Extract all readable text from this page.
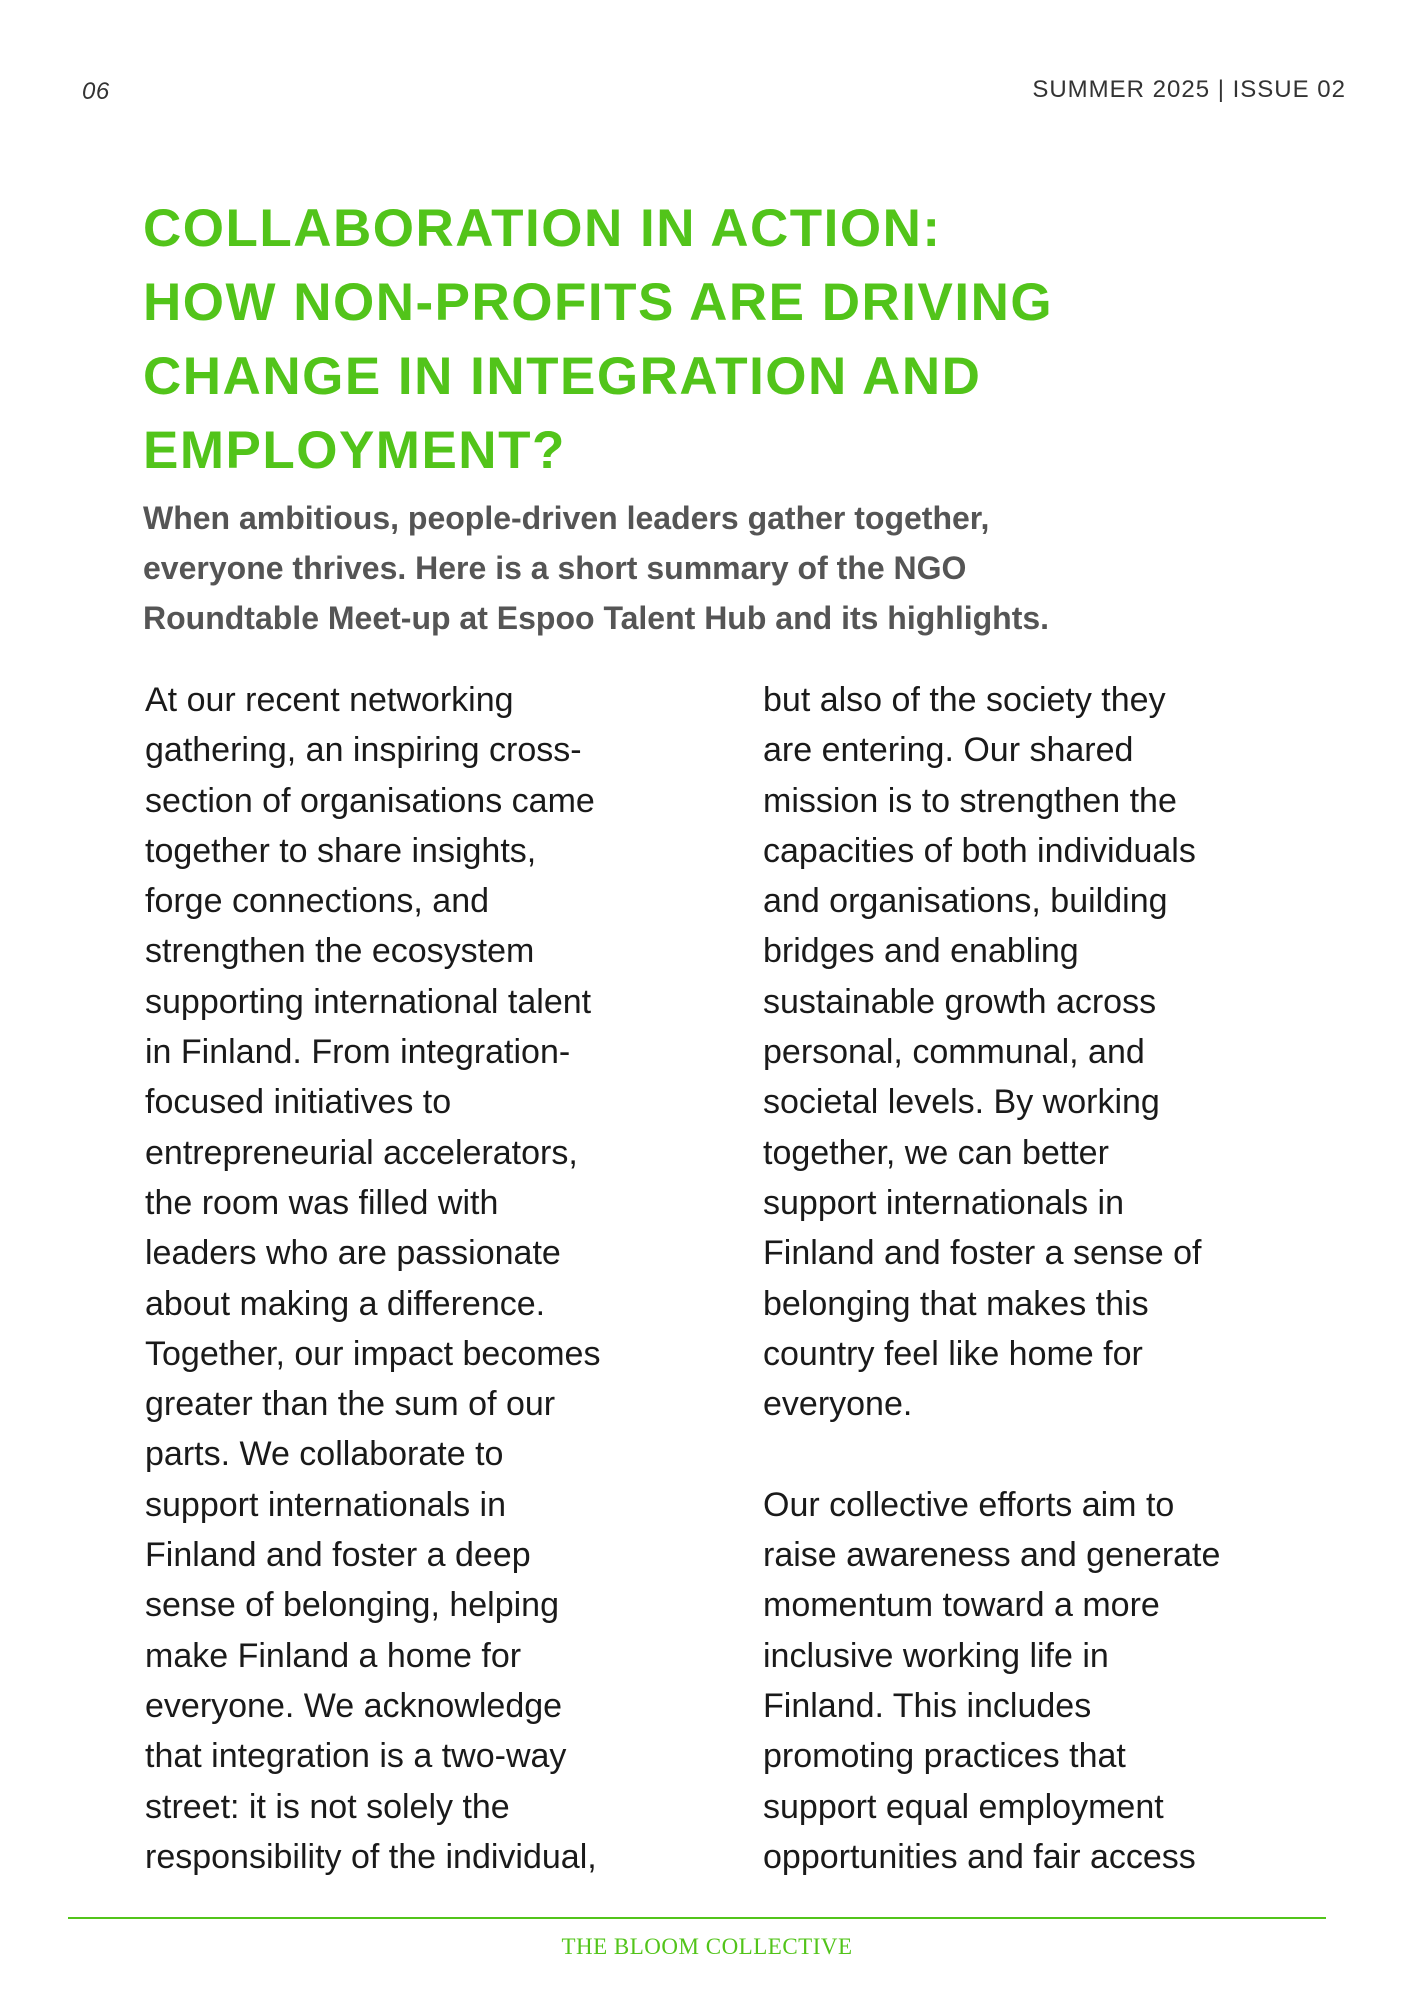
06	SUMMER 2025 | ISSUE 02
COLLABORATION IN ACTION:
HOW NON-PROFITS ARE DRIVING
CHANGE IN INTEGRATION AND
EMPLOYMENT?

When ambitious, people-driven leaders gather together,
everyone thrives. Here is a short summary of the NGO
Roundtable Meet-up at Espoo Talent Hub and its highlights.

At our recent networking
gathering, an inspiring cross-
section of organisations came
together to share insights,
forge connections, and
strengthen the ecosystem
supporting international talent
in Finland. From integration-
focused initiatives to
entrepreneurial accelerators,
the room was filled with
leaders who are passionate
about making a difference.
Together, our impact becomes
greater than the sum of our
parts. We collaborate to
support internationals in
Finland and foster a deep
sense of belonging, helping
make Finland a home for
everyone. We acknowledge
that integration is a two-way
street: it is not solely the
responsibility of the individual,
but also of the society they
are entering. Our shared
mission is to strengthen the
capacities of both individuals
and organisations, building
bridges and enabling
sustainable growth across
personal, communal, and
societal levels. By working
together, we can better
support internationals in
Finland and foster a sense of
belonging that makes this
country feel like home for
everyone.
Our collective efforts aim to
raise awareness and generate
momentum toward a more
inclusive working life in
Finland. This includes
promoting practices that
support equal employment
opportunities and fair access
THE BLOOM COLLECTIVE
